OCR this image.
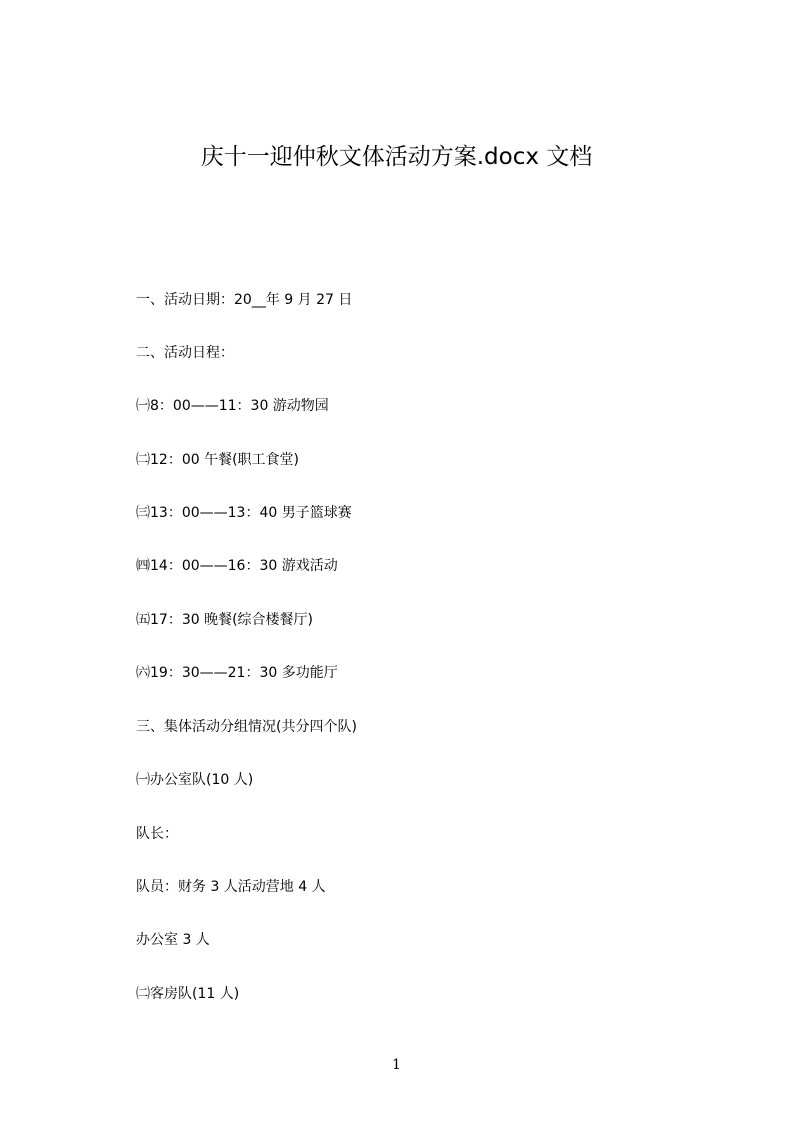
庆十一迎仲秋文体活动方案.docx 文档
一、活动日期：20__年 9 月 27 日
二、活动日程：
㈠8：00——11：30 游动物园
㈡12：00 午餐(职工食堂)
㈢13：00——13：40 男子篮球赛
㈣14：00——16：30 游戏活动
㈤17：30 晚餐(综合楼餐厅)
㈥19：30——21：30 多功能厅
三、集体活动分组情况(共分四个队)
㈠办公室队(10 人)
队长：
队员：财务 3 人活动营地 4 人
办公室 3 人
㈡客房队(11 人)
1
